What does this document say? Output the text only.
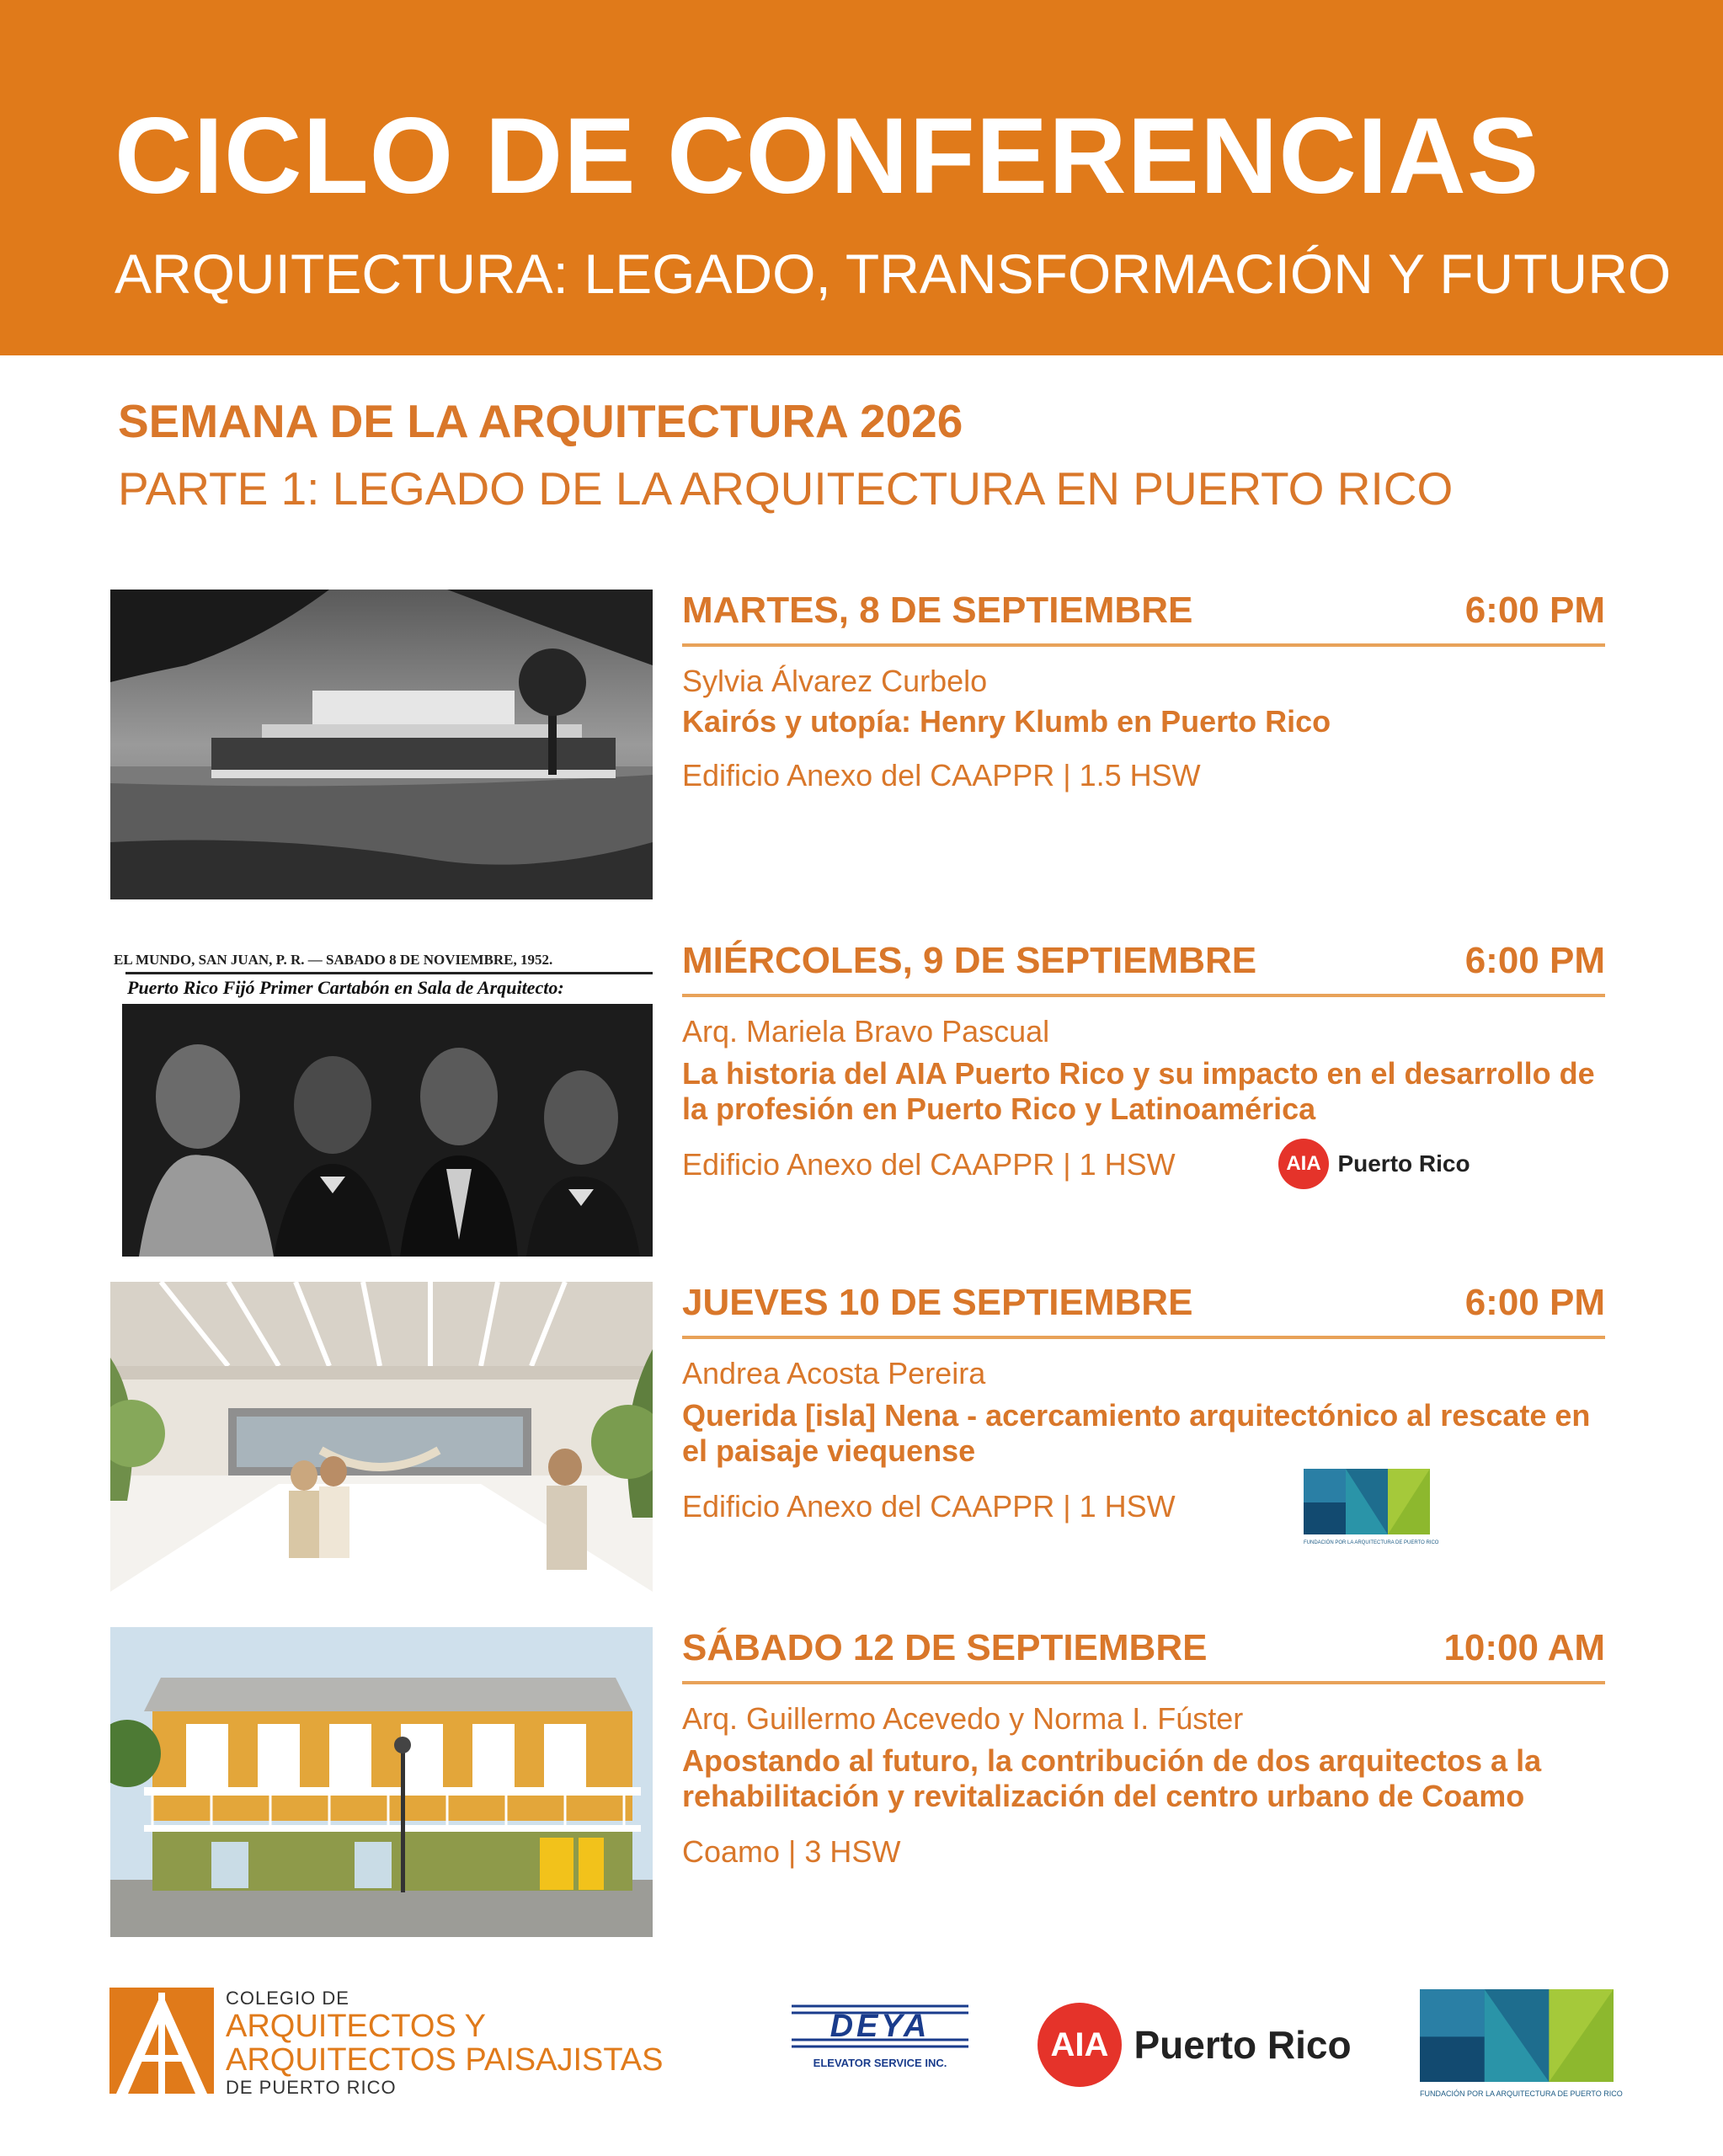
CICLO DE CONFERENCIAS
ARQUITECTURA: LEGADO, TRANSFORMACIÓN Y FUTURO
SEMANA DE LA ARQUITECTURA 2026
PARTE 1: LEGADO DE LA ARQUITECTURA EN PUERTO RICO
MARTES, 8 DE SEPTIEMBRE	6:00 PM
Sylvia Álvarez Curbelo
Kairós y utopía: Henry Klumb en Puerto Rico
Edificio Anexo del CAAPPR | 1.5 HSW
EL MUNDO, SAN JUAN, P. R. — SABADO 8 DE NOVIEMBRE, 1952.
Puerto Rico Fijó Primer Cartabón en Sala de Arquitecto:
MIÉRCOLES, 9 DE SEPTIEMBRE	6:00 PM
Arq. Mariela Bravo Pascual
La historia del AIA Puerto Rico y su impacto en el desarrollo de la profesión en Puerto Rico y Latinoamérica
Edificio Anexo del CAAPPR | 1 HSW	AIA Puerto Rico
JUEVES 10 DE SEPTIEMBRE	6:00 PM
Andrea Acosta Pereira
Querida [isla] Nena - acercamiento arquitectónico al rescate en el paisaje viequense
Edificio Anexo del CAAPPR | 1 HSW
FUNDACIÓN POR LA ARQUITECTURA DE PUERTO RICO
SÁBADO 12 DE SEPTIEMBRE	10:00 AM
Arq. Guillermo Acevedo y Norma I. Fúster
Apostando al futuro, la contribución de dos arquitectos a la rehabilitación y revitalización del centro urbano de Coamo
Coamo | 3 HSW
COLEGIO DE
ARQUITECTOS Y
ARQUITECTOS PAISAJISTAS
DE PUERTO RICO
DEYA
ELEVATOR SERVICE INC.	AIA Puerto Rico
FUNDACIÓN POR LA ARQUITECTURA DE PUERTO RICO
